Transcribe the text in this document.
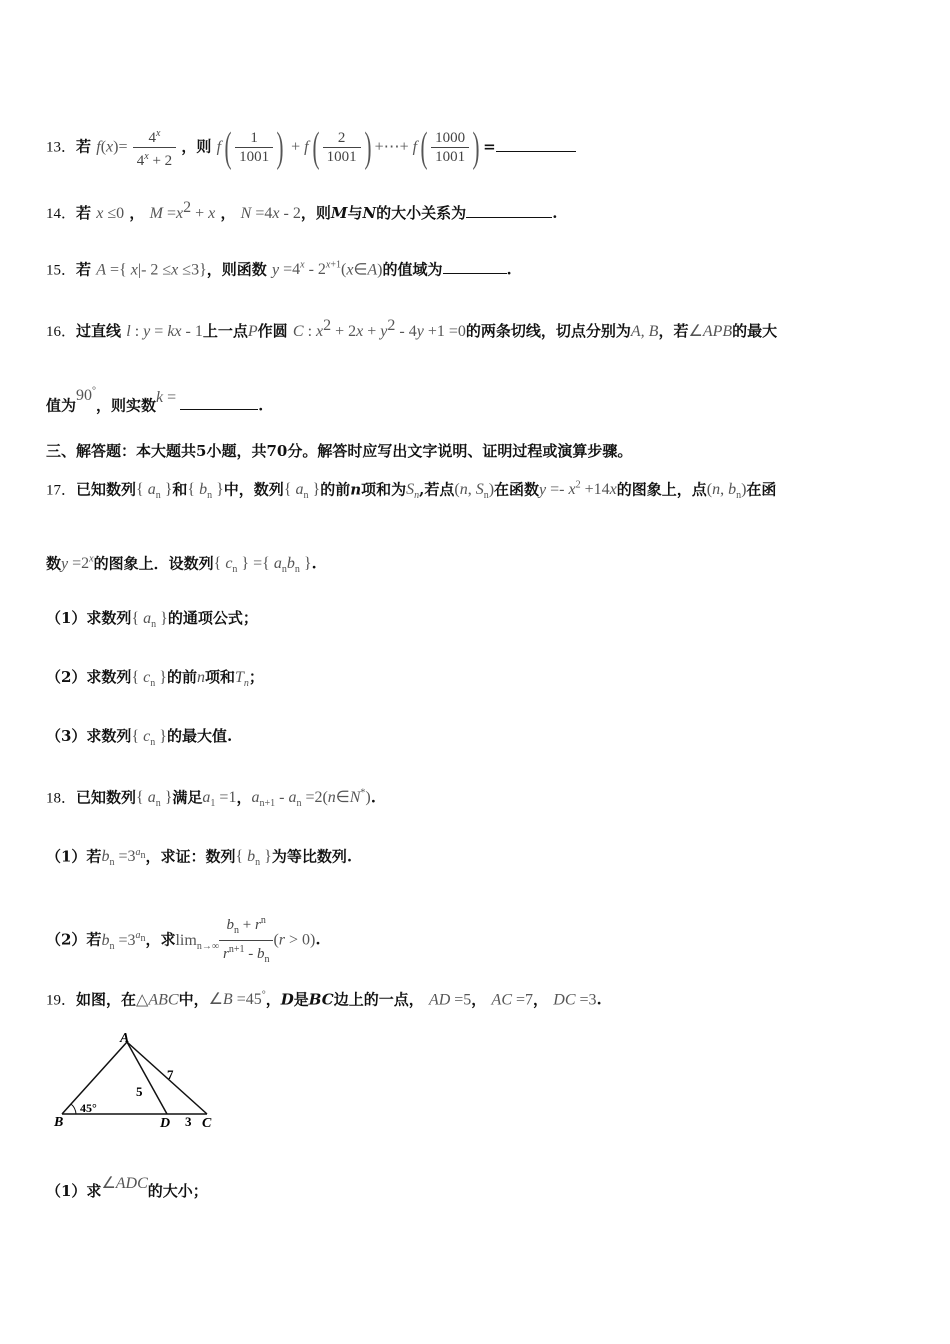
13．若 $f(x)= \frac{4^x}{4^x + 2}$ ，则 $f( \frac{1}{1001}$ ) + $f( \frac{2}{1001}$ ) +⋯+ $f( \frac{1000}{1001}$ ) =
14．若 x ≤0 ， $M =x^2 + x$ ， N =4x - 2，则M与N的大小关系为	.
15．若 A ={ x|- 2 ≤x ≤3}，则函数 $y =4^x$ - $2^{x+1}(x\in A)$的值域为	.
16．过直线 l : y = kx - 1上一点P作圆 C : $x^2 + 2x + y^2 - 4y +1 =0$的两条切线，切点分别为A, B，若∠APB的最大
值为90°，则实数k =	.
三、解答题：本大题共5小题，共70分。解答时应写出文字说明、证明过程或演算步骤。
17．已知数列{ $a_n$ }和{ $b_n$ }中，数列{ $a_n$ }的前n项和为$S_n$,若点(n, $S_n$)在函数$y =- x^2 +14x$的图象上，点(n, $b_n$)在函
数$y =2^x$的图象上．设数列{ $c_n$ } ={ $a_nb_n$ }.
（1）求数列{ $a_n$ }的通项公式；
（2）求数列{ $c_n$ }的前n项和$T_n$；
（3）求数列{ $c_n$ }的最大值.
18．已知数列{ $a_n$ }满足$a_1 =1$，$a_{n+1} - a_n$ =2(n∈N*).
（1）若$b_n =3^{a_n}$，求证：数列{ $b_n$ }为等比数列.
（2）若$b_n =3^{a_n}$，求$\lim_{n\to\infty} \frac{b_n + r^n}{r^{n+1} - b_n} (r > 0)$.
19．如图，在△ABC中，∠B =45°，D是BC边上的一点， AD =5， AC =7， DC =3.
A
B	D C
5
7
3
45°
（1）求∠ADC的大小；
